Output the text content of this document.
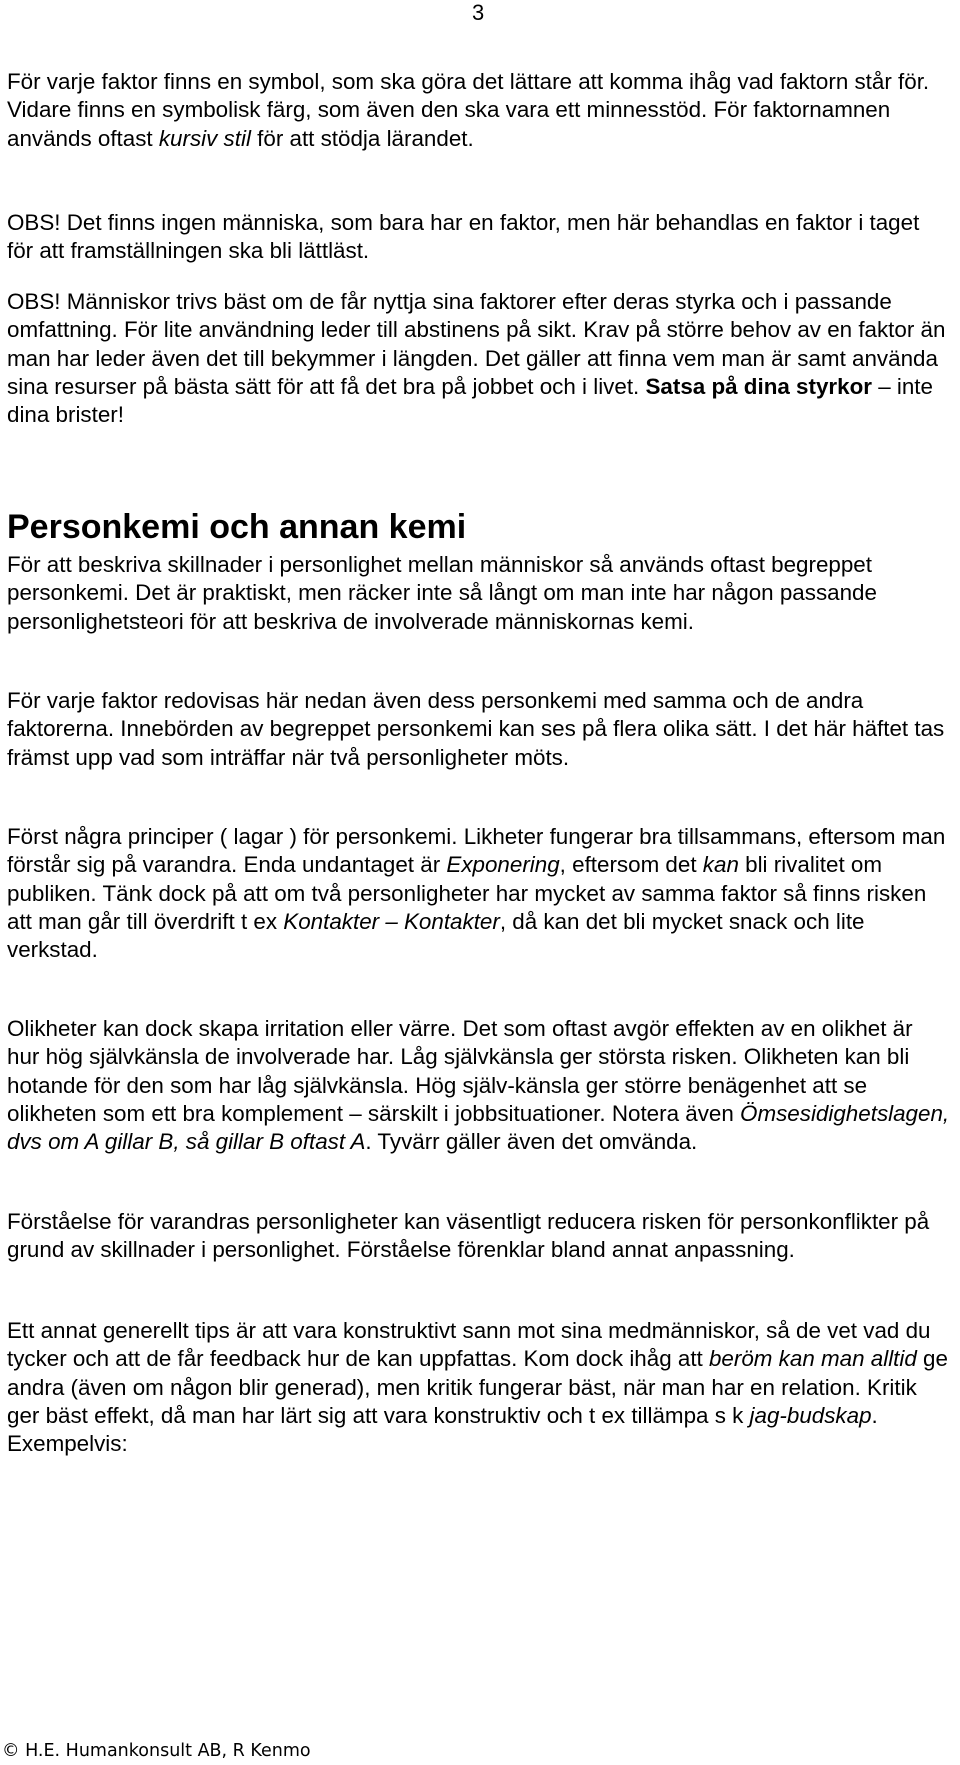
3

För varje faktor finns en symbol, som ska göra det lättare att komma ihåg vad faktorn står för. Vidare finns en symbolisk färg, som även den ska vara ett minnesstöd. För faktornamnen används oftast kursiv stil för att stödja lärandet.

OBS! Det finns ingen människa, som bara har en faktor, men här behandlas en faktor i taget för att framställningen ska bli lättläst.

OBS! Människor trivs bäst om de får nyttja sina faktorer efter deras styrka och i passande omfattning. För lite användning leder till abstinens på sikt. Krav på större behov av en faktor än man har leder även det till bekymmer i längden. Det gäller att finna vem man är samt använda sina resurser på bästa sätt för att få det bra på jobbet och i livet. Satsa på dina styrkor – inte dina brister!

Personkemi och annan kemi

För att beskriva skillnader i personlighet mellan människor så används oftast begreppet personkemi. Det är praktiskt, men räcker inte så långt om man inte har någon passande personlighetsteori för att beskriva de involverade människornas kemi.

För varje faktor redovisas här nedan även dess personkemi med samma och de andra faktorerna. Innebörden av begreppet personkemi kan ses på flera olika sätt. I det här häftet tas främst upp vad som inträffar när två personligheter möts.

Först några principer ( lagar ) för personkemi. Likheter fungerar bra tillsammans, eftersom man förstår sig på varandra. Enda undantaget är Exponering, eftersom det kan bli rivalitet om publiken. Tänk dock på att om två personligheter har mycket av samma faktor så finns risken att man går till överdrift t ex Kontakter – Kontakter, då kan det bli mycket snack och lite verkstad.

Olikheter kan dock skapa irritation eller värre. Det som oftast avgör effekten av en olikhet är hur hög självkänsla de involverade har. Låg självkänsla ger största risken. Olikheten kan bli hotande för den som har låg självkänsla. Hög själv-känsla ger större benägenhet att se olikheten som ett bra komplement – särskilt i jobbsituationer. Notera även Ömsesidighetslagen, dvs om A gillar B, så gillar B oftast A. Tyvärr gäller även det omvända.

Förståelse för varandras personligheter kan väsentligt reducera risken för personkonflikter på grund av skillnader i personlighet. Förståelse förenklar bland annat anpassning.

Ett annat generellt tips är att vara konstruktivt sann mot sina medmänniskor, så de vet vad du tycker och att de får feedback hur de kan uppfattas. Kom dock ihåg att beröm kan man alltid ge andra (även om någon blir generad), men kritik fungerar bäst, när man har en relation. Kritik ger bäst effekt, då man har lärt sig att vara konstruktiv och t ex tillämpa s k jag-budskap. Exempelvis:

© H.E. Humankonsult AB, R Kenmo
